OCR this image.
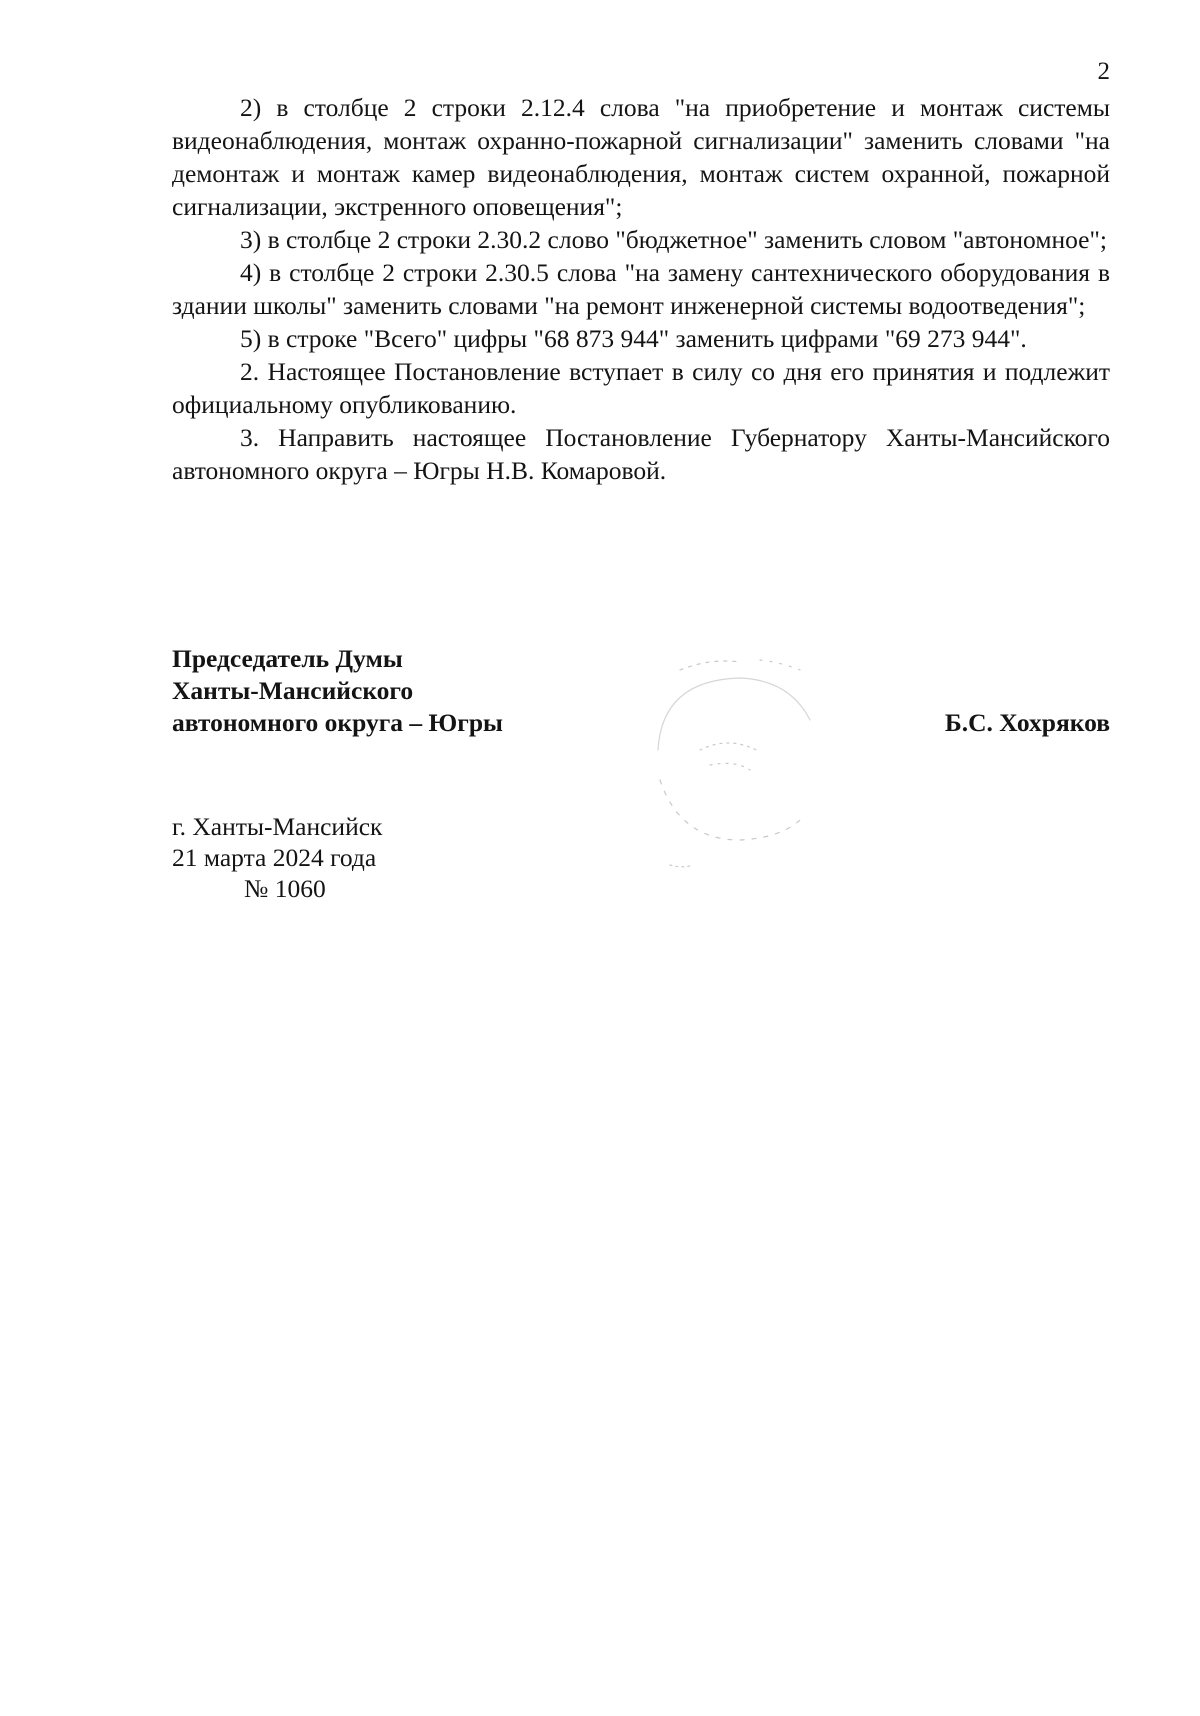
2

2) в столбце 2 строки 2.12.4 слова "на приобретение и монтаж системы видеонаблюдения, монтаж охранно-пожарной сигнализации" заменить словами "на демонтаж и монтаж камер видеонаблюдения, монтаж систем охранной, пожарной сигнализации, экстренного оповещения";

3) в столбце 2 строки 2.30.2 слово "бюджетное" заменить словом "автономное";

4) в столбце 2 строки 2.30.5 слова "на замену сантехнического оборудования в здании школы" заменить словами "на ремонт инженерной системы водоотведения";

5) в строке "Всего" цифры "68 873 944" заменить цифрами "69 273 944".

2. Настоящее Постановление вступает в силу со дня его принятия и подлежит официальному опубликованию.

3. Направить настоящее Постановление Губернатору Ханты-Мансийского автономного округа – Югры Н.В. Комаровой.

Председатель Думы
Ханты-Мансийского
автономного округа – Югры	Б.С. Хохряков
г. Ханты-Мансийск
21 марта 2024 года
№ 1060
